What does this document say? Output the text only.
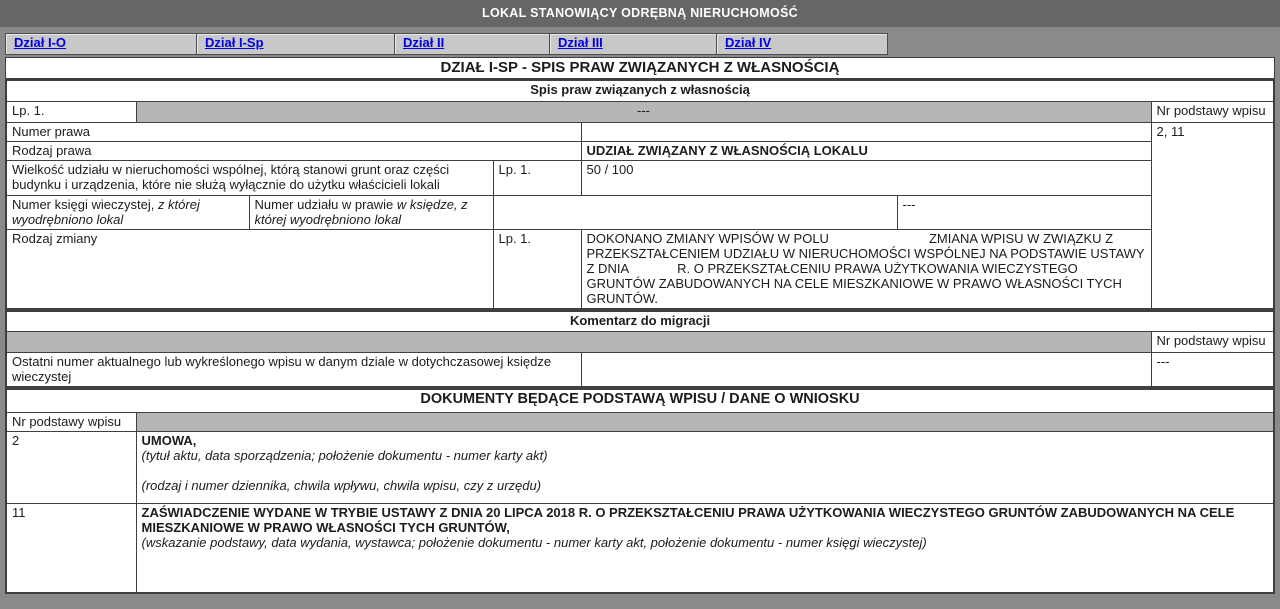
LOKAL STANOWIĄCY ODRĘBNĄ NIERUCHOMOŚĆ
Dział I-O	Dział I-Sp	Dział II	Dział III	Dział IV
DZIAŁ I-SP - SPIS PRAW ZWIĄZANYCH Z WŁASNOŚCIĄ
Spis praw związanych z własnością						
Lp. 1.	---					Nr podstawy wpisu
Numer prawa						2, 11
Rodzaj prawa				UDZIAŁ ZWIĄZANY Z WŁASNOŚCIĄ LOKALU		
Wielkość udziału w nieruchomości wspólnej, którą stanowi grunt oraz części budynku i urządzenia, które nie służą wyłącznie do użytku właścicieli lokali			Lp. 1.	50 / 100		
Numer księgi wieczystej, z której wyodrębniono lokal		Numer udziału w prawie w księdze, z której wyodrębniono lokal			---	
Rodzaj zmiany			Lp. 1.	DOKONANO ZMIANY WPISÓW W POLU ZMIANA WPISU W ZWIĄZKU Z PRZEKSZTAŁCENIEM UDZIAŁU W NIERUCHOMOŚCI WSPÓLNEJ NA PODSTAWIE USTAWY Z DNIA R. O PRZEKSZTAŁCENIU PRAWA UŻYTKOWANIA WIECZYSTEGO GRUNTÓW ZABUDOWANYCH NA CELE MIESZKANIOWE W PRAWO WŁASNOŚCI TYCH GRUNTÓW.		
Komentarz do migracji		
		Nr podstawy wpisu
Ostatni numer aktualnego lub wykreślonego wpisu w danym dziale w dotychczasowej księdze wieczystej		---
DOKUMENTY BĘDĄCE PODSTAWĄ WPISU / DANE O WNIOSKU	
Nr podstawy wpisu	
2	UMOWA,
(tytuł aktu, data sporządzenia; położenie dokumentu - numer karty akt)
(rodzaj i numer dziennika, chwila wpływu, chwila wpisu, czy z urzędu)

11	ZAŚWIADCZENIE WYDANE W TRYBIE USTAWY Z DNIA 20 LIPCA 2018 R. O PRZEKSZTAŁCENIU PRAWA UŻYTKOWANIA WIECZYSTEGO GRUNTÓW ZABUDOWANYCH NA CELE MIESZKANIOWE W PRAWO WŁASNOŚCI TYCH GRUNTÓW,
(wskazanie podstawy, data wydania, wystawca; położenie dokumentu - numer karty akt, położenie dokumentu - numer księgi wieczystej)
